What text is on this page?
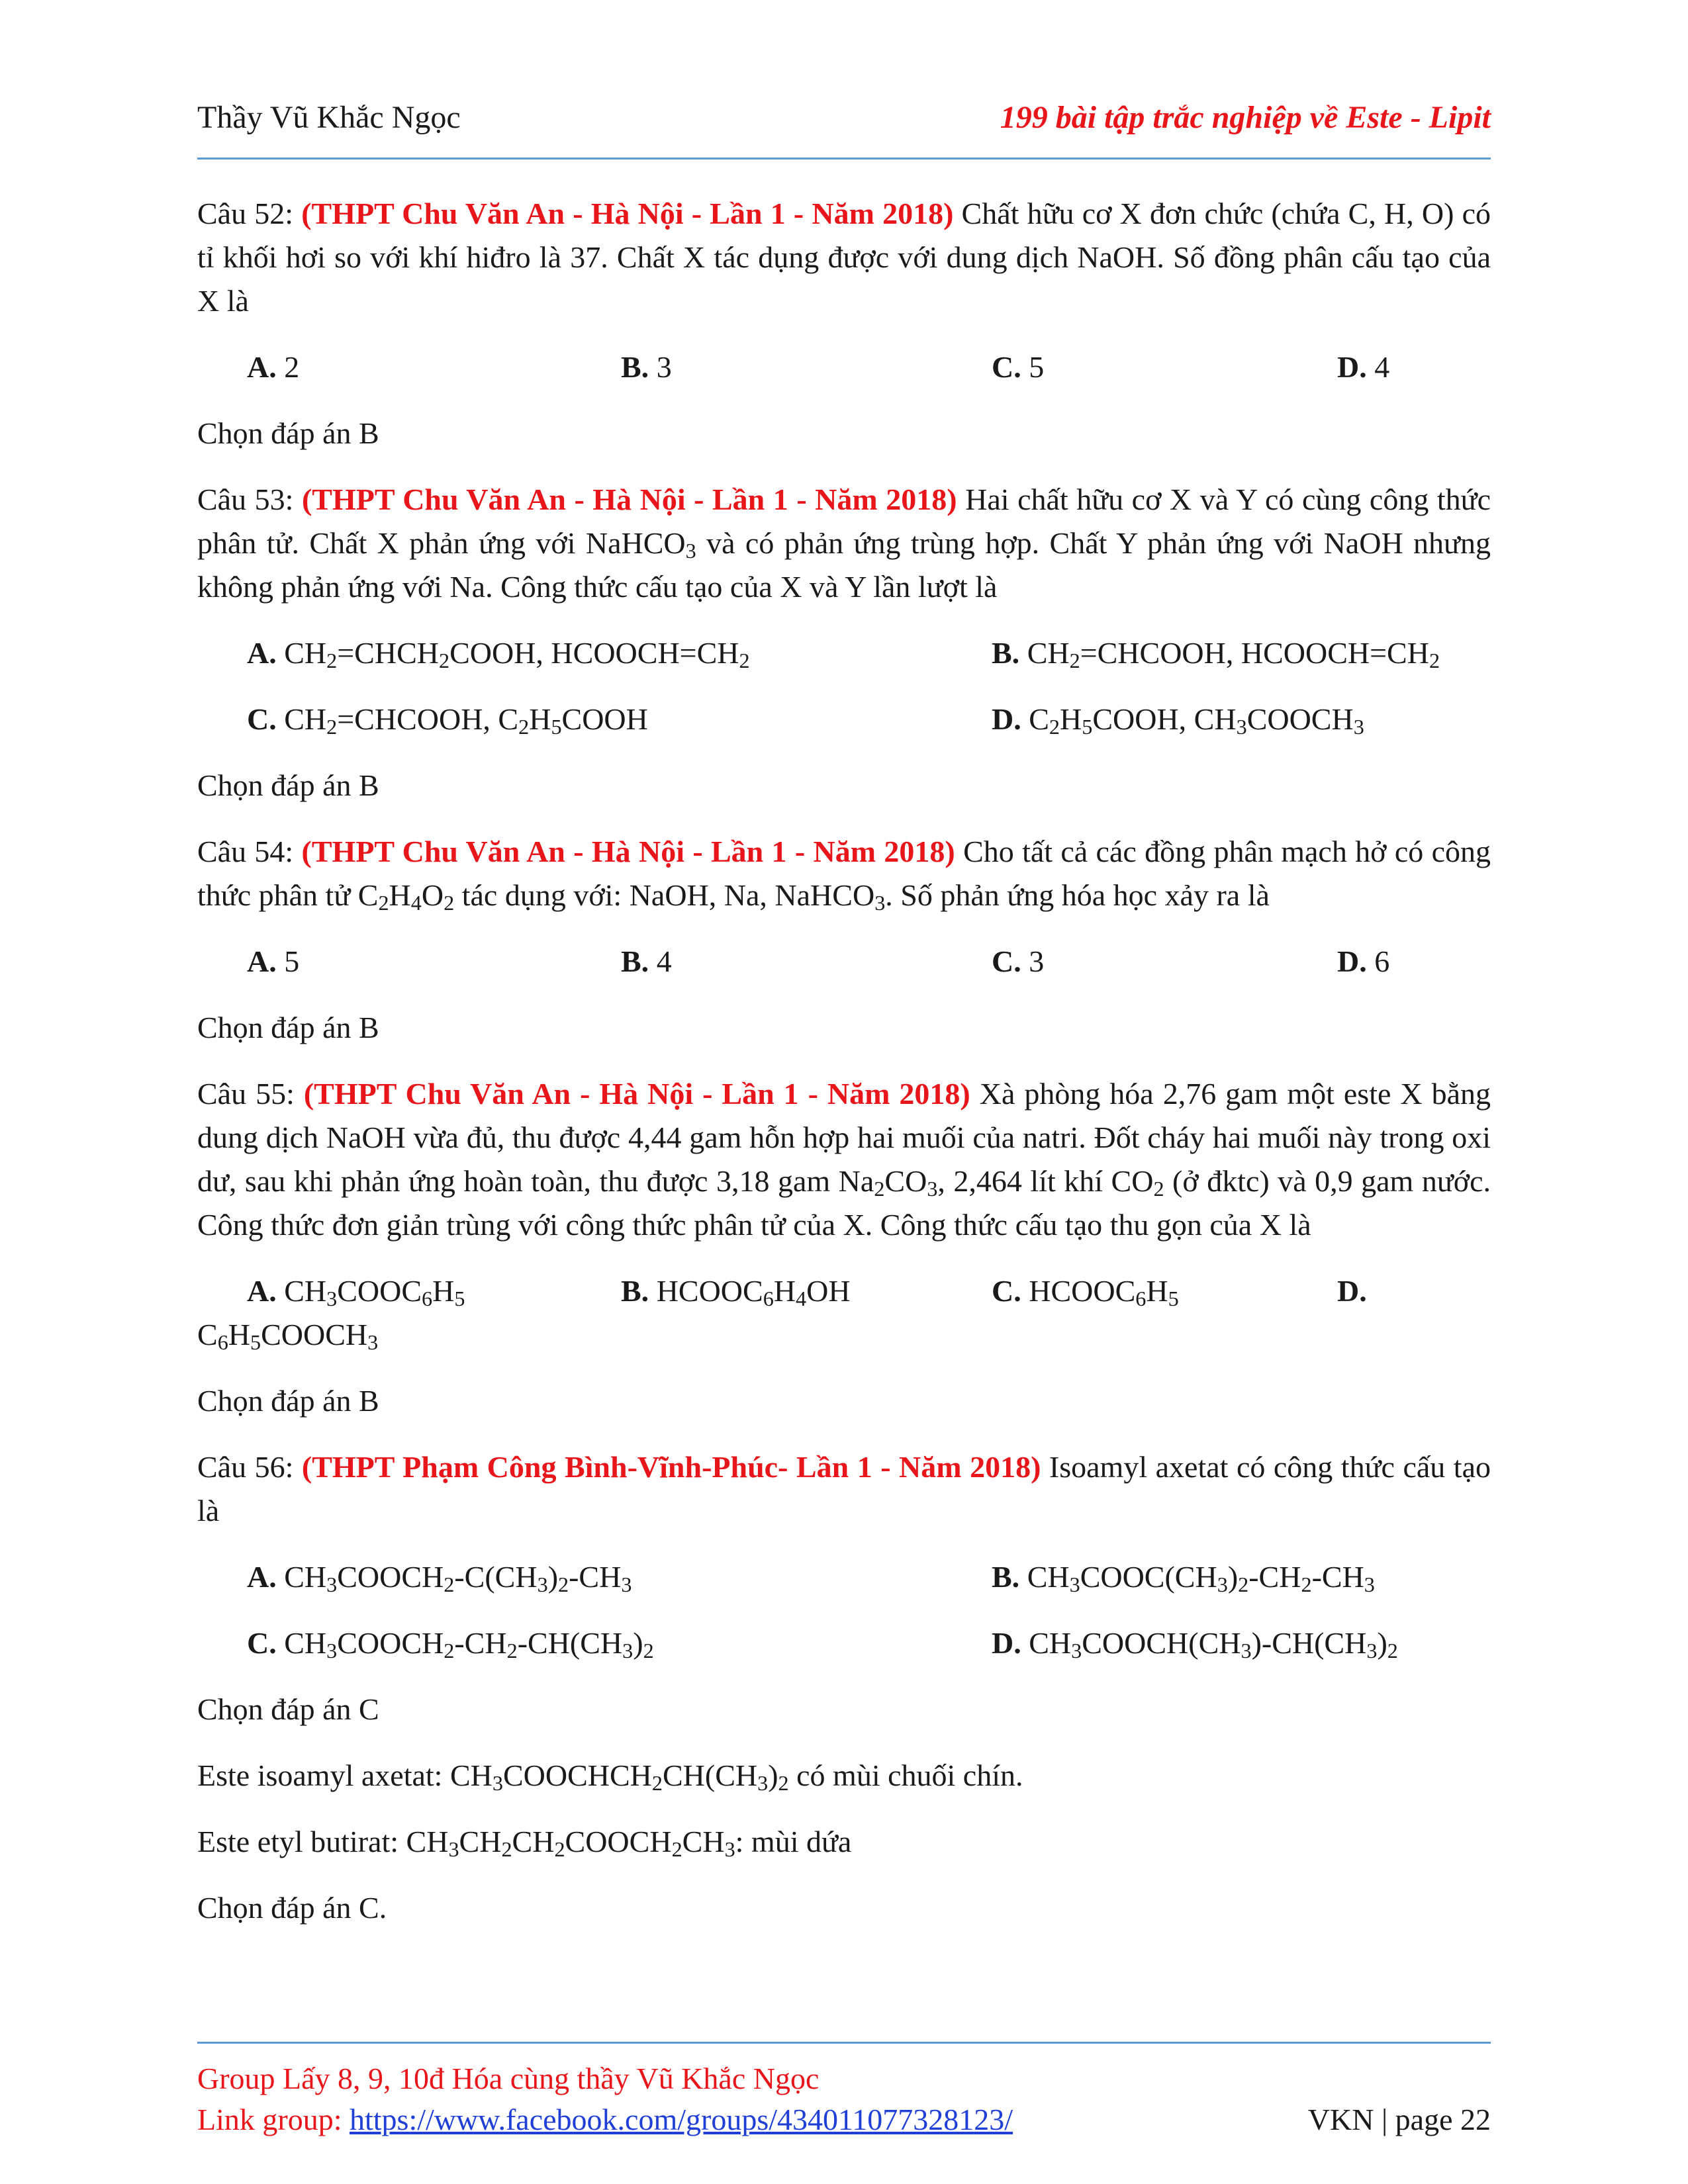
Thầy Vũ Khắc Ngọc	199 bài tập trắc nghiệp về Este - Lipit

Câu 52: (THPT Chu Văn An - Hà Nội - Lần 1 - Năm 2018) Chất hữu cơ X đơn chức (chứa C, H, O) có tỉ khối hơi so với khí hiđro là 37. Chất X tác dụng được với dung dịch NaOH. Số đồng phân cấu tạo của X là

A. 2	B. 3	C. 5	D. 4

Chọn đáp án B

Câu 53: (THPT Chu Văn An - Hà Nội - Lần 1 - Năm 2018) Hai chất hữu cơ X và Y có cùng công thức phân tử. Chất X phản ứng với NaHCO$_3$ và có phản ứng trùng hợp. Chất Y phản ứng với NaOH nhưng không phản ứng với Na. Công thức cấu tạo của X và Y lần lượt là

A. $CH_2=CHCH_2COOH$, $HCOOCH=CH_2$	B. $CH_2=CHCOOH$, $HCOOCH=CH_2$
C. $CH_2=CHCOOH$, $C_2H_5COOH$	D. $C_2H_5COOH$, $CH_3COOCH_3$

Chọn đáp án B

Câu 54: (THPT Chu Văn An - Hà Nội - Lần 1 - Năm 2018) Cho tất cả các đồng phân mạch hở có công thức phân tử $C_2H_4O_2$ tác dụng với: NaOH, Na, NaHCO$_3$. Số phản ứng hóa học xảy ra là

A. 5	B. 4	C. 3	D. 6

Chọn đáp án B

Câu 55: (THPT Chu Văn An - Hà Nội - Lần 1 - Năm 2018) Xà phòng hóa 2,76 gam một este X bằng dung dịch NaOH vừa đủ, thu được 4,44 gam hỗn hợp hai muối của natri. Đốt cháy hai muối này trong oxi dư, sau khi phản ứng hoàn toàn, thu được 3,18 gam $Na_2CO_3$, 2,464 lít khí $CO_2$ (ở đktc) và 0,9 gam nước. Công thức đơn giản trùng với công thức phân tử của X. Công thức cấu tạo thu gọn của X là

A. $CH_3COOC_6H_5$	B. $HCOOC_6H_4OH$	C. $HCOOC_6H_5$	D.

$C_6H_5COOCH_3$

Chọn đáp án B

Câu 56: (THPT Phạm Công Bình-Vĩnh-Phúc- Lần 1 - Năm 2018) Isoamyl axetat có công thức cấu tạo là

A. $CH_3COOCH_2-C(CH_3)_2-CH_3$	B. $CH_3COOC(CH_3)_2-CH_2-CH_3$
C. $CH_3COOCH_2-CH_2-CH(CH_3)_2$	D. $CH_3COOCH(CH_3)-CH(CH_3)_2$

Chọn đáp án C

Este isoamyl axetat: $CH_3COOCHCH_2CH(CH_3)_2$ có mùi chuối chín.

Este etyl butirat: $CH_3CH_2CH_2COOCH_2CH_3$: mùi dứa

Chọn đáp án C.

Group Lấy 8, 9, 10đ Hóa cùng thầy Vũ Khắc Ngọc
Link group: https://www.facebook.com/groups/434011077328123/	VKN | page 22
